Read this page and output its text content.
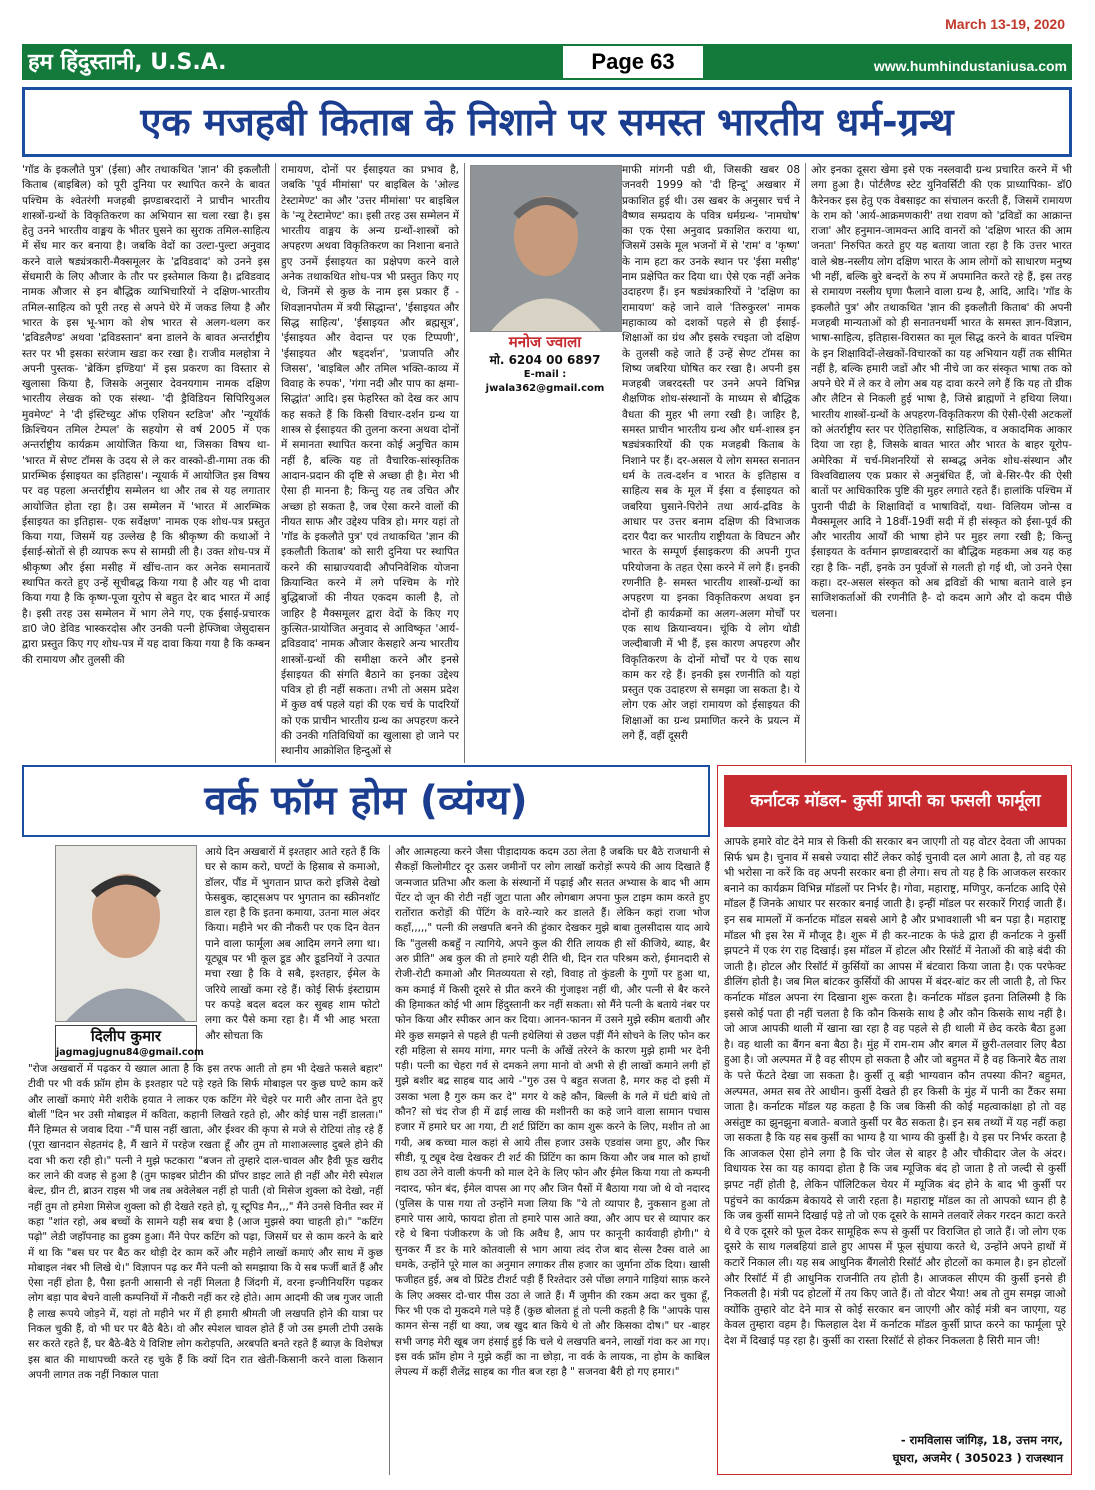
हम हिंदुस्तानी, U.S.A.	Page 63
March 13-19, 2020
www.humhindustaniusa.com
एक मजहबी किताब के निशाने पर समस्त भारतीय धर्म-ग्रन्थ
'गॉड के इकलौते पुत्र' (ईसा) और तथाकथित 'ज्ञान' की इकलौती किताब (बाइबिल) को पूरी दुनिया पर स्थापित करने के बावत पश्चिम के श्वेतरंगी मजहबी झण्डाबरदारों ने प्राचीन भारतीय शास्त्रों-ग्रन्थों के विकृतिकरण का अभियान सा चला रखा है। इस हेतु उनने भारतीय वाङ्मय के भीतर घुसने का सुराक तमिल-साहित्य में सेंध मार कर बनाया है। जबकि वेदों का उल्टा-पुल्टा अनुवाद करने वाले षड्यंत्रकारी-मैक्समूलर के 'द्रविडवाद' को उनने इस सेंधमारी के लिए औजार के तौर पर इस्तेमाल किया है। द्रविडवाद नामक औजार से इन बौद्धिक व्याभिचारियों ने दक्षिण-भारतीय तमिल-साहित्य को पूरी तरह से अपने घेरे में जकड लिया है और भारत के इस भू-भाग को शेष भारत से अलग-थलग कर 'द्रविडलैण्ड' अथवा 'द्रविडस्तान' बना डालने के बावत अन्तर्राष्ट्रीय स्तर पर भी इसका सरंजाम खडा कर रखा है। राजीव मलहोत्रा ने अपनी पुस्तक- 'ब्रेकिंग इण्डिया' में इस प्रकरण का विस्तार से खुलासा किया है, जिसके अनुसार देवनयगाम नामक दक्षिण भारतीय लेखक को एक संस्था- 'दी ड्रैविडियन सिपिरियुअल मुवमेण्ट' ने 'दी इंस्टिच्युट ऑफ एशियन स्टडिज' और 'न्यूयॉर्क क्रिश्चियन तमिल टेम्पल' के सहयोग से वर्ष 2005 में एक अन्तर्राष्ट्रीय कार्यक्रम आयोजित किया था, जिसका विषय था- 'भारत में सेण्ट टॉमस के उदय से ले कर वास्को-डी-गामा तक की प्रारम्भिक ईसाइयत का इतिहास'। न्यूयार्क में आयोजित इस विषय पर वह पहला अन्तर्राष्ट्रीय सम्मेलन था और तब से यह लगातार आयोजित होता रहा है। उस सम्मेलन में 'भारत में आरम्भिक ईसाइयत का इतिहास- एक सर्वेक्षण' नामक एक शोध-पत्र प्रस्तुत किया गया, जिसमें यह उल्लेख है कि श्रीकृष्ण की कथाओं ने ईसाई-स्रोतों से ही व्यापक रूप से सामग्री ली है। उक्त शोध-पत्र में श्रीकृष्ण और ईसा मसीह में खींच-तान कर अनेक समानतायें स्थापित करते हुए उन्हें सूचीबद्ध किया गया है और यह भी दावा किया गया है कि कृष्ण-पूजा यूरोप से बहुत देर बाद भारत में आई है। इसी तरह उस सम्मेलन में भाग लेने गए, एक ईसाई-प्रचारक डा0 जे0 डेविड भास्करदोस और उनकी पत्नी हेफ्जिबा जेसुदासन द्वारा प्रस्तुत किए गए शोध-पत्र में यह दावा किया गया है कि कम्बन की रामायण और तुलसी की
रामायण, दोनों पर ईसाइयत का प्रभाव है, जबकि 'पूर्व मीमांसा' पर बाइबिल के 'ओल्ड टेस्टामेण्ट' का और 'उत्तर मीमांसा' पर बाइबिल के 'न्यू टेस्टामेण्ट' का। इसी तरह उस सम्मेलन में भारतीय वाङ्मय के अन्य ग्रन्थों-शास्त्रों को अपहरण अथवा विकृतिकरण का निशाना बनाते हुए उनमें ईसाइयत का प्रक्षेपण करने वाले अनेक तथाकथित शोध-पत्र भी प्रस्तुत किए गए थे, जिनमें से कुछ के नाम इस प्रकार हैं - शिवज्ञानपोतम में त्रयी सिद्धान्त', 'ईसाइयत और सिद्ध साहित्य', 'ईसाइयत और ब्रह्मसूत्र', 'ईसाइयत और वेदान्त पर एक टिप्पणी', 'ईसाइयत और षड्दर्शन', 'प्रजापति और जिसस', 'बाइबिल और तमिल भक्ति-काव्य में विवाह के रुपक', 'गंगा नदी और पाप का क्षमा-सिद्धांत' आदि। इस फेहरिस्त को देख कर आप कह सकते हैं कि किसी विचार-दर्शन ग्रन्थ या शास्त्र से ईसाइयत की तुलना करना अथवा दोनों में समानता स्थापित करना कोई अनुचित काम नहीं है, बल्कि यह तो वैचारिक-सांस्कृतिक आदान-प्रदान की दृष्टि से अच्छा ही है। मेरा भी ऐसा ही मानना है; किन्तु यह तब उचित और अच्छा हो सकता है, जब ऐसा करने वालों की नीयत साफ और उद्देश्य पवित्र हो। मगर यहां तो 'गॉड के इकलौते पुत्र' एवं तथाकथित 'ज्ञान की इकलौती किताब' को सारी दुनिया पर स्थापित करने की साम्राज्यवादी औपनिवेशिक योजना क्रियान्वित करने में लगे पश्चिम के गोरे बुद्धिबाजों की नीयत एकदम काली है, तो जाहिर है मैक्समूलर द्वारा वेदों के किए गए कुत्सित-प्रायोजित अनुवाद से आविष्कृत 'आर्य-द्रविडवाद' नामक औजार केसहारे अन्य भारतीय शास्त्रों-ग्रन्थों की समीक्षा करने और इनसे ईसाइयत की संगति बैठाने का इनका उद्देश्य पवित्र हो ही नहीं सकता। तभी तो असम प्रदेश में कुछ वर्ष पहले यहां की एक चर्च के पादरियों को एक प्राचीन भारतीय ग्रन्थ का अपहरण करने की उनकी गतिविधियों का खुलासा हो जाने पर स्थानीय आक्रोशित हिन्दुओं से
मनोज ज्वाला
मो. 6204 00 6897
E-mail : jwala362@gmail.com
माफी मांगनी पडी थी, जिसकी खबर 08 जनवरी 1999 को 'दी हिन्दू' अखबार में प्रकाशित हुई थी। उस खबर के अनुसार चर्च ने वैष्णव सम्प्रदाय के पवित्र धर्मग्रन्थ- 'नामघोष' का एक ऐसा अनुवाद प्रकाशित कराया था, जिसमें उसके मूल भजनों में से 'राम' व 'कृष्ण' के नाम हटा कर उनके स्थान पर 'ईसा मसीह' नाम प्रक्षेपित कर दिया था। ऐसे एक नहीं अनेक उदाहरण हैं। इन षड्यंत्रकारियों ने 'दक्षिण का रामायण' कहे जाने वाले 'तिरुकुरल' नामक महाकाव्य को दशकों पहले से ही ईसाई-शिक्षाओं का ग्रंथ और इसके रचइता जो दक्षिण के तुलसी कहे जाते हैं उन्हें सेण्ट टॉमस का शिष्य जबरिया घोषित कर रखा है। अपनी इस मजहबी जबरदस्ती पर उनने अपने विभिन्न शैक्षणिक शोध-संस्थानों के माध्यम से बौद्धिक वैधता की मुहर भी लगा रखी है। जाहिर है, समस्त प्राचीन भारतीय ग्रन्थ और धर्म-शास्त्र इन षड्यंत्रकारियों की एक मजहबी किताब के निशाने पर हैं। दर-असल ये लोग समस्त सनातन धर्म के तत्व-दर्शन व भारत के इतिहास व साहित्य सब के मूल में ईसा व ईसाइयत को जबरिया घुसाने-पिरोने तथा आर्य-द्रविड के आधार पर उत्तर बनाम दक्षिण की विभाजक दरार पैदा कर भारतीय राष्ट्रीयता के विघटन और भारत के सम्पूर्ण ईसाइकरण की अपनी गुप्त परियोजना के तहत ऐसा करने में लगे हैं। इनकी रणनीति है- समस्त भारतीय शास्त्रों-ग्रन्थों का अपहरण या इनका विकृतिकरण अथवा इन दोनों ही कार्यक्रमों का अलग-अलग मोर्चों पर एक साथ क्रियान्वयन। चूंकि ये लोग थोडी जल्दीबाजी में भी हैं, इस कारण अपहरण और विकृतिकरण के दोनों मोर्चों पर ये एक साथ काम कर रहे हैं। इनकी इस रणनीति को यहां प्रस्तुत एक उदाहरण से समझा जा सकता है। ये लोग एक ओर जहां रामायण को ईसाइयत की शिक्षाओं का ग्रन्थ प्रमाणित करने के प्रयत्न में लगे हैं, वहीं दूसरी
ओर इनका दूसरा खेमा इसे एक नस्लवादी ग्रन्थ प्रचारित करने में भी लगा हुआ है। पोर्टलैण्ड स्टेट युनिवर्सिटी की एक प्राध्यापिका- डॉ0 कैरेनकर इस हेतु एक वेबसाइट का संचालन करती हैं, जिसमें रामायण के राम को 'आर्य-आक्रमणकारी' तथा रावण को 'द्रविडों का आक्रान्त राजा' और हनुमान-जामवन्त आदि वानरों को 'दक्षिण भारत की आम जनता' निरुपित करते हुए यह बताया जाता रहा है कि उत्तर भारत वाले श्रेष्ठ-नस्लीय लोग दक्षिण भारत के आम लोगों को साधारण मनुष्य भी नहीं, बल्कि बुरे बन्दरों के रुप में अपमानित करते रहे हैं, इस तरह से रामायण नस्लीय घृणा फैलाने वाला ग्रन्थ है, आदि, आदि। 'गॉड के इकलौते पुत्र' और तथाकथित 'ज्ञान की इकलौती किताब' की अपनी मजहबी मान्यताओं को ही सनातनधर्मी भारत के समस्त ज्ञान-विज्ञान, भाषा-साहित्य, इतिहास-विरासत का मूल सिद्ध करने के बावत पश्चिम के इन शिक्षाविदों-लेखकों-विचारकों का यह अभियान यहीं तक सीमित नहीं है, बल्कि हमारी जडों और भी नीचे जा कर संस्कृत भाषा तक को अपने घेरे में ले कर वे लोग अब यह दावा करने लगे हैं कि यह तो ग्रीक और लैटिन से निकली हुई भाषा है, जिसे ब्राह्मणों ने हथिया लिया। भारतीय शास्त्रों-ग्रन्थों के अपहरण-विकृतिकरण की ऐसी-ऐसी अटकलों को अंतर्राष्ट्रीय स्तर पर ऐतिहासिक, साहित्यिक, व अकादमिक आकार दिया जा रहा है, जिसके बावत भारत और भारत के बाहर यूरोप-अमेरिका में चर्च-मिशनरियों से सम्बद्ध अनेक शोध-संस्थान और विश्वविद्यालय एक प्रकार से अनुबंधित हैं, जो बे-सिर-पैर की ऐसी बातों पर आधिकारिक पुष्टि की मुहर लगाते रहते हैं। हालांकि पश्चिम में पुरानी पीढी के शिक्षाविदों व भाषाविदों, यथा- विलियम जोन्स व मैक्समूलर आदि ने 18वीं-19वीं सदी में ही संस्कृत को ईसा-पूर्व की और भारतीय आर्यों की भाषा होने पर मुहर लगा रखी है; किन्तु ईसाइयत के वर्तमान झण्डाबरदारों का बौद्धिक महकमा अब यह कह रहा है कि- नहीं, इनके उन पूर्वजों से गलती हो गई थी, जो उनने ऐसा कहा। दर-असल संस्कृत को अब द्रविडों की भाषा बताने वाले इन साजिशकर्ताओं की रणनीति है- दो कदम आगे और दो कदम पीछे चलना।
वर्क फॉम होम (व्यंग्य)
दिलीप कुमार
jagmagjugnu84@gmail.com
आये दिन अखबारों में इश्तहार आते रहते हैं कि घर से काम करो, घण्टों के हिसाब से कमाओ, डॉलर, पौंड में भुगतान प्राप्त करो इजिसे देखो फेसबुक, व्हाट्सअप पर भुगतान का स्क्रीनशॉट डाल रहा है कि इतना कमाया, उतना माल अंदर किया। महीने भर की नौकरी पर एक दिन वेतन पाने वाला फार्मूला अब आदिम लगने लगा था। यूट्यूब पर भी कूल डूड और डूडनियों ने उत्पात मचा रखा है कि वे सबै, इश्तहार, ईमेल के जरिये लाखों कमा रहे हैं। कोई सिर्फ इंस्टाग्राम पर कपड़े बदल बदल कर सुबह शाम फोटो लगा कर पैसे कमा रहा है। मैं भी आह भरता और सोचता कि
"रोज अखबारों में पढ़कर ये ख्याल आता है कि इस तरफ आती तो हम भी देखते फसले बहार" टीवी पर भी वर्क फ्रॉम होम के इश्तहार पटे पड़े रहते कि सिर्फ मोबाइल पर कुछ घण्टे काम करें और लाखों कमाएं मेरी शरीके हयात ने लाकर एक कटिंग मेरे चेहरे पर मारी और ताना देते हुए बोलीं "दिन भर उसी मोबाइल में कविता, कहानी लिखते रहते हो, और कोई घास नहीं डालता।" मैंने हिम्मत से जवाब दिया -"मैं घास नहीं खाता, और ईश्वर की कृपा से मजे से रोटियां तोड़ रहे हैं (पूरा खानदान सेहतमंद है, मैं खाने में परहेज रखता हूँ और तुम तो माशाअल्लाह दुबले होने की दवा भी करा रही हो।" पत्नी ने मुझे फटकारा "बजन तो तुम्हारे दाल-चावल और हैवी फूड खरीद कर लाने की वजह से हुआ है (तुम फाइबर प्रोटीन की प्रॉपर डाइट लाते ही नहीं और मेरी स्पेशल बेल्ट, ग्रीन टी, ब्राउन राइस भी जब तब अवेलेबल नहीं हो पाती (वो मिसेज शुक्ला को देखो, नहीं नहीं तुम तो हमेशा मिसेज शुक्ला को ही देखते रहते हो, यू स्टूपिड मैन,,," मैंने उनसे विनीत स्वर में कहा "शांत रहो, अब बच्चों के सामने यही सब बचा है (आज मुझसे क्या चाहती हो।" "कटिंग पढ़ो" लेडी जहाँपनाह का हुक्म हुआ। मैंने पेपर कटिंग को पढ़ा, जिसमें घर से काम करने के बारे में था कि "बस घर पर बैठ कर थोड़ी देर काम करें और महीने लाखों कमाएं और साथ में कुछ मोबाइल नंबर भी लिखे थे।" विज्ञापन पढ़ कर मैंने पत्नी को समझाया कि ये सब फर्जी बातें हैं और ऐसा नहीं होता है, पैसा इतनी आसानी से नहीं मिलता है जिंदगी में, वरना इन्जीनियरिंग पढ़कर लोग बड़ा पाव बेचने वाली कम्पनियों में नौकरी नहीं कर रहे होते। आम आदमी की जब गुजर जाती है लाख रूपये जोड़ने में, यहां तो महीने भर में ही हमारी श्रीमती जी लखपति होने की यात्रा पर निकल चुकी हैं, वो भी घर पर बैठे बैठे। वो और स्पेशल चावल होते हैं जो उस इमली टोपी उसके सर करते रहते हैं, घर बैठे-बैठे ये विशिष्ट लोग करोड़पति, अरबपति बनते रहते हैं ब्याज़ के विशेषज्ञ इस बात की माथापच्ची करते रह चुके हैं कि क्यों दिन रात खेती-किसानी करने वाला किसान अपनी लागत तक नहीं निकाल पाता
और आत्महत्या करने जैसा पीड़ादायक कदम उठा लेता है जबकि घर बैठे राजधानी से सैकड़ों किलोमीटर दूर ऊसर जमीनों पर लोग लाखों करोड़ों रूपये की आय दिखाते हैं जन्मजात प्रतिभा और कला के संस्थानों में पढ़ाई और सतत अभ्यास के बाद भी आम पेंटर दो जून की रोटी नहीं जुटा पाता और लोगबाग अपना फुल टाइम काम करते हुए रातोंरात करोड़ों की पेंटिंग के वारे-न्यारे कर डालते हैं। लेकिन कहां राजा भोज कहाँ,,,,," पत्नी की लखपति बनने की हुंकार देखकर मुझे बाबा तुलसीदास याद आये कि "तुलसी कबहुँ न त्यागिये, अपने कुल की रीति लायक ही सों कीजिये, ब्याह, बैर अरु प्रीति" अब कुल की तो हमारे यही रीति थी, दिन रात परिश्रम करो, ईमानदारी से रोजी-रोटी कमाओ और मितव्ययता से रहो, विवाह तो कुंडली के गुणों पर हुआ था, कम कमाई में किसी दूसरे से प्रीत करने की गुंजाइश नहीं थी, और पत्नी से बैर करने की हिमाकत कोई भी आम हिंदुस्तानी कर नहीं सकता। सो मैंने पत्नी के बताये नंबर पर फोन किया और स्पीकर आन कर दिया। आनन-फानन में उसने मुझे स्कीम बतायी और मेरे कुछ समझने से पहले ही पत्नी हथेलियां से उछल पड़ीं मैंने सोचने के लिए फोन कर रही महिला से समय मांगा, मगर पत्नी के आँखें तरेरने के कारण मुझे हामी भर देनी पड़ी। पत्नी का चेहरा गर्व से दमकने लगा मानो वो अभी से ही लाखों कमाने लगी हों मुझे बशीर बद्र साहब याद आये -"गुरु उस पे बहुत सजता है, मगर कह दो इसी में उसका भला है गुरु कम कर दे" मगर ये कहे कौन, बिल्ली के गले में घंटी बांधे तो कौन? सो चंद रोज ही में ढाई लाख की मशीनरी का कहे जाने वाला सामान पचास हजार में हमारे घर आ गया, टी शर्ट प्रिंटिंग का काम शुरू करने के लिए, मशीन तो आ गयी, अब कच्चा माल कहां से आये तीस हजार उसके एडवांस जमा हुए, और फिर सीडी, यू ट्यूब देख देखकर टी शर्ट की प्रिंटिंग का काम किया और जब माल को हाथों हाथ उठा लेने वाली कंपनी को माल देने के लिए फोन और ईमेल किया गया तो कम्पनी नदारद, फोन बंद, ईमेल वापस आ गए और जिन पैसों में बैठाया गया जो थे वो नदारद (पुलिस के पास गया तो उन्होंने मजा लिया कि "ये तो व्यापार है, नुकसान हुआ तो हमारे पास आये, फायदा होता तो हमारे पास आते क्या, और आप घर से व्यापार कर रहे थे बिना पंजीकरण के जो कि अवैध है, आप पर कानूनी कार्यवाही होगी।" ये सुनकर मैं डर के मारे कोतवाली से भाग आया त्वंद रोज बाद सेल्स टैक्स वाले आ धमके, उन्होंने पूरे माल का अनुमान लगाकर तीस हजार का जुर्माना ठोंक दिया। खासी फजीहत हुई, अब वो प्रिंटेड टीशर्ट पड़ी हैं रिश्तेदार उसे पोंछा लगाने गाड़ियां साफ़ करने के लिए अक्सर दो-चार पीस उठा ले जाते हैं। मैं जुमीन की रकम अदा कर चुका हूँ, फिर भी एक दो मुकदमे गले पड़े हैं (कुछ बोलता हूं तो पत्नी कहती है कि "आपके पास कामन सेन्स नहीं था क्या, जब खुद बात किये थे तो और किसका दोष।" घर -बाहर सभी जगह मेरी खूब जग हंसाई हुई कि चले थे लखपति बनने, लाखों गंवा कर आ गए। इस वर्क फ्रॉम होम ने मुझे कहीं का ना छोड़ा, ना वर्क के लायक, ना होम के काबिल लेपल्य में कहीं शैलेंद्र साहब का गीत बज रहा है " सजनवा बैरी हो गए हमार।"
कर्नाटक मॉडल- कुर्सी प्राप्ती का फसली फार्मूला
आपके हमारे वोट देने मात्र से किसी की सरकार बन जाएगी तो यह वोटर देवता जी आपका सिर्फ भ्रम है। चुनाव में सबसे ज्यादा सीटें लेकर कोई चुनावी दल आगे आता है, तो वह यह भी भरोसा ना करें कि वह अपनी सरकार बना ही लेगा। सच तो यह है कि आजकल सरकार बनाने का कार्यक्रम विभिन्न मॉडलों पर निर्भर है। गोवा, महाराष्ट्र, मणिपुर, कर्नाटक आदि ऐसे मॉडल हैं जिनके आधार पर सरकार बनाई जाती है। इन्हीं मॉडल पर सरकारें गिराई जाती हैं। इन सब मामलों में कर्नाटक मॉडल सबसे आगे है और प्रभावशाली भी बन पड़ा है। महाराष्ट्र मॉडल भी इस रेस में मौजूद है। शुरू में ही कर-नाटक के फंडे द्वारा ही कर्नाटक ने कुर्सी झपटने में एक रंग राह दिखाई। इस मॉडल में होटल और रिसॉर्ट में नेताओं की बाड़े बंदी की जाती है। होटल और रिसॉर्ट में कुर्सियों का आपस में बंटवारा किया जाता है। एक परफेक्ट डीलिंग होती है। जब मिल बांटकर कुर्सियों की आपस में बंदर-बांट कर ली जाती है, तो फिर कर्नाटक मॉडल अपना रंग दिखाना शुरू करता है। कर्नाटक मॉडल इतना तिलिस्मी है कि इससे कोई पता ही नहीं चलता है कि कौन किसके साथ है और कौन किसके साथ नहीं है। जो आज आपकी थाली में खाना खा रहा है वह पहले से ही थाली में छेद करके बैठा हुआ है। वह थाली का बैंगन बना बैठा है। मुंह में राम-राम और बगल में छुरी-तलवार लिए बैठा हुआ है। जो अल्पमत में है वह सीएम हो सकता है और जो बहुमत में है वह किनारे बैठ ताश के पत्ते फेंटते देखा जा सकता है। कुर्सी तू बड़ी भाग्यवान कौन तपस्या कीन? बहुमत, अल्पमत, अमत सब तेरे आधीन। कुर्सी देखते ही हर किसी के मुंह में पानी का टैंकर समा जाता है। कर्नाटक मॉडल यह कहता है कि जब किसी की कोई महत्वाकांक्षा हो तो वह असंतुष्ट का झुनझुना बजाते- बजाते कुर्सी पर बैठ सकता है। इन सब तथ्यों में यह नहीं कहा जा सकता है कि यह सब कुर्सी का भाग्य है या भाग्य की कुर्सी है। ये इस पर निर्भर करता है कि आजकल ऐसा होने लगा है कि चोर जेल से बाहर है और चौकीदार जेल के अंदर। विधायक रेस का यह कायदा होता है कि जब म्यूजिक बंद हो जाता है तो जल्दी से कुर्सी झपट नहीं होती है, लेकिन पॉलिटिकल चेयर में म्यूजिक बंद होने के बाद भी कुर्सी पर पहुंचने का कार्यक्रम बेकायदे से जारी रहता है। महाराष्ट्र मॉडल का तो आपको ध्यान ही है कि जब कुर्सी सामने दिखाई पड़े तो जो एक दूसरे के सामने तलवारें लेकर गरदन काटा करते थे वे एक दूसरे को फूल देकर सामूहिक रूप से कुर्सी पर विराजित हो जाते हैं। जो लोग एक दूसरे के साथ गलबहियां डाले हुए आपस में फूल सुंघाया करते थे, उन्होंने अपने हाथों में कटारें निकाल ली। यह सब आधुनिक बैंगलोरी रिसॉर्ट और होटलों का कमाल है। इन होटलों और रिसॉर्ट में ही आधुनिक राजनीति तय होती है। आजकल सीएम की कुर्सी इनसे ही निकलती है। मंत्री पद होटलों में तय किए जाते हैं। तो वोटर भैया! अब तो तुम समझ जाओ क्योंकि तुम्हारे वोट देने मात्र से कोई सरकार बन जाएगी और कोई मंत्री बन जाएगा, यह केवल तुम्हारा वहम है। फिलहाल देश में कर्नाटक मॉडल कुर्सी प्राप्त करने का फार्मूला पूरे देश में दिखाई पड़ रहा है। कुर्सी का रास्ता रिसॉर्ट से होकर निकलता है सिरी मान जी!
- रामविलास जांगिड़, 18, उत्तम नगर,
घूघरा, अजमेर ( 305023 ) राजस्थान
